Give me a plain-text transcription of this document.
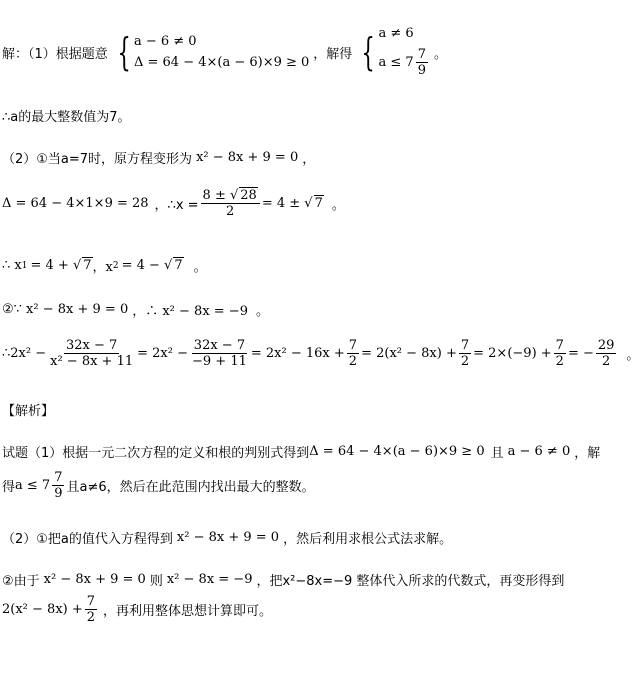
解：（1）根据题意 { a − 6 ≠ 0
Δ = 64 − 4×(a − 6)×9 ≥ 0
，解得 { a ≠ 6
$a \le 7 \frac{7}{9}$ 。
∴a的最大整数值为7。
（2）①当a=7时，原方程变形为 x² − 8x + 9 = 0 ，
Δ = 64 − 4×1×9 = 28 ，∴x = $\frac{8 \pm √ 28}{2} = 4$ ± √ 7 。
∴ x 1 = 4 + √ 7 ，x 2 = 4 − √ 7 。
②∵ x² − 8x + 9 = 0 ，∴ x² − 8x = −9 。
∴2x² − $\frac{32x - 7}{\text{x² − 8x + 11}} = 2x^2 - \frac{32x - 7}{-9 + 11} = 2x^2 - 16x + \frac{7}{2} = 2(x^2 - 8x) + \frac{7}{2} = 2\times(-9) + \frac{7}{2}$ = − $\frac{29}{2}$ 。
【解析】
试题（1）根据一元二次方程的定义和根的判别式得到 Δ = 64 − 4×(a − 6)×9 ≥ 0 且 a − 6 ≠ 0 ，解
得 $a \le 7 \frac{7}{9}$ 且a≠6，然后在此范围内找出最大的整数。
（2）①把a的值代入方程得到 x² − 8x + 9 = 0 ，然后利用求根公式法求解。
②由于 x² − 8x + 9 = 0 则 x² − 8x = −9 ，把x²−8x=−9 整体代入所求的代数式，再变形得到
$2(x^2 - 8x) + \frac{7}{2}$ ，再利用整体思想计算即可。
